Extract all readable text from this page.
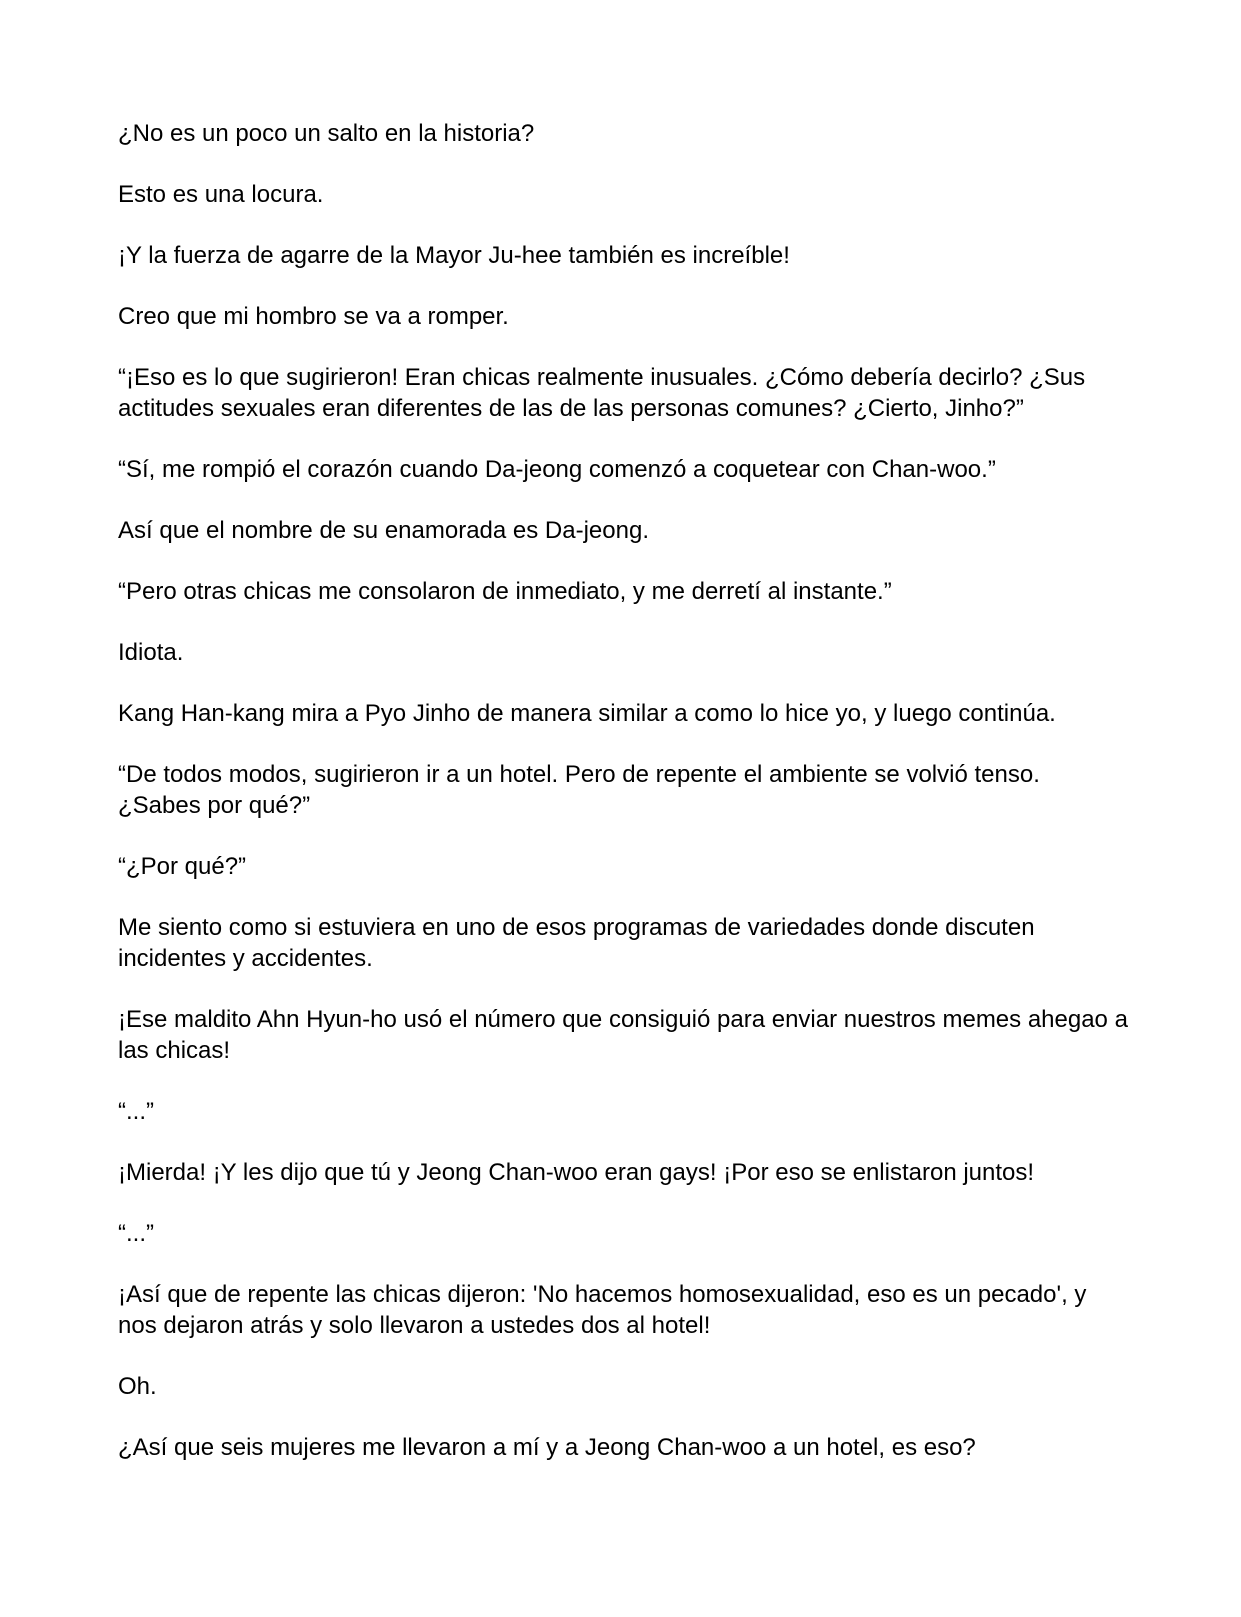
¿No es un poco un salto en la historia?

Esto es una locura.

¡Y la fuerza de agarre de la Mayor Ju-hee también es increíble!

Creo que mi hombro se va a romper.

“¡Eso es lo que sugirieron! Eran chicas realmente inusuales. ¿Cómo debería decirlo? ¿Sus actitudes sexuales eran diferentes de las de las personas comunes? ¿Cierto, Jinho?”

“Sí, me rompió el corazón cuando Da-jeong comenzó a coquetear con Chan-woo.”

Así que el nombre de su enamorada es Da-jeong.

“Pero otras chicas me consolaron de inmediato, y me derretí al instante.”

Idiota.

Kang Han-kang mira a Pyo Jinho de manera similar a como lo hice yo, y luego continúa.

“De todos modos, sugirieron ir a un hotel. Pero de repente el ambiente se volvió tenso. ¿Sabes por qué?”

“¿Por qué?”

Me siento como si estuviera en uno de esos programas de variedades donde discuten incidentes y accidentes.

¡Ese maldito Ahn Hyun-ho usó el número que consiguió para enviar nuestros memes ahegao a las chicas!

“...”

¡Mierda! ¡Y les dijo que tú y Jeong Chan-woo eran gays! ¡Por eso se enlistaron juntos!

“...”

¡Así que de repente las chicas dijeron: 'No hacemos homosexualidad, eso es un pecado', y nos dejaron atrás y solo llevaron a ustedes dos al hotel!

Oh.

¿Así que seis mujeres me llevaron a mí y a Jeong Chan-woo a un hotel, es eso?
